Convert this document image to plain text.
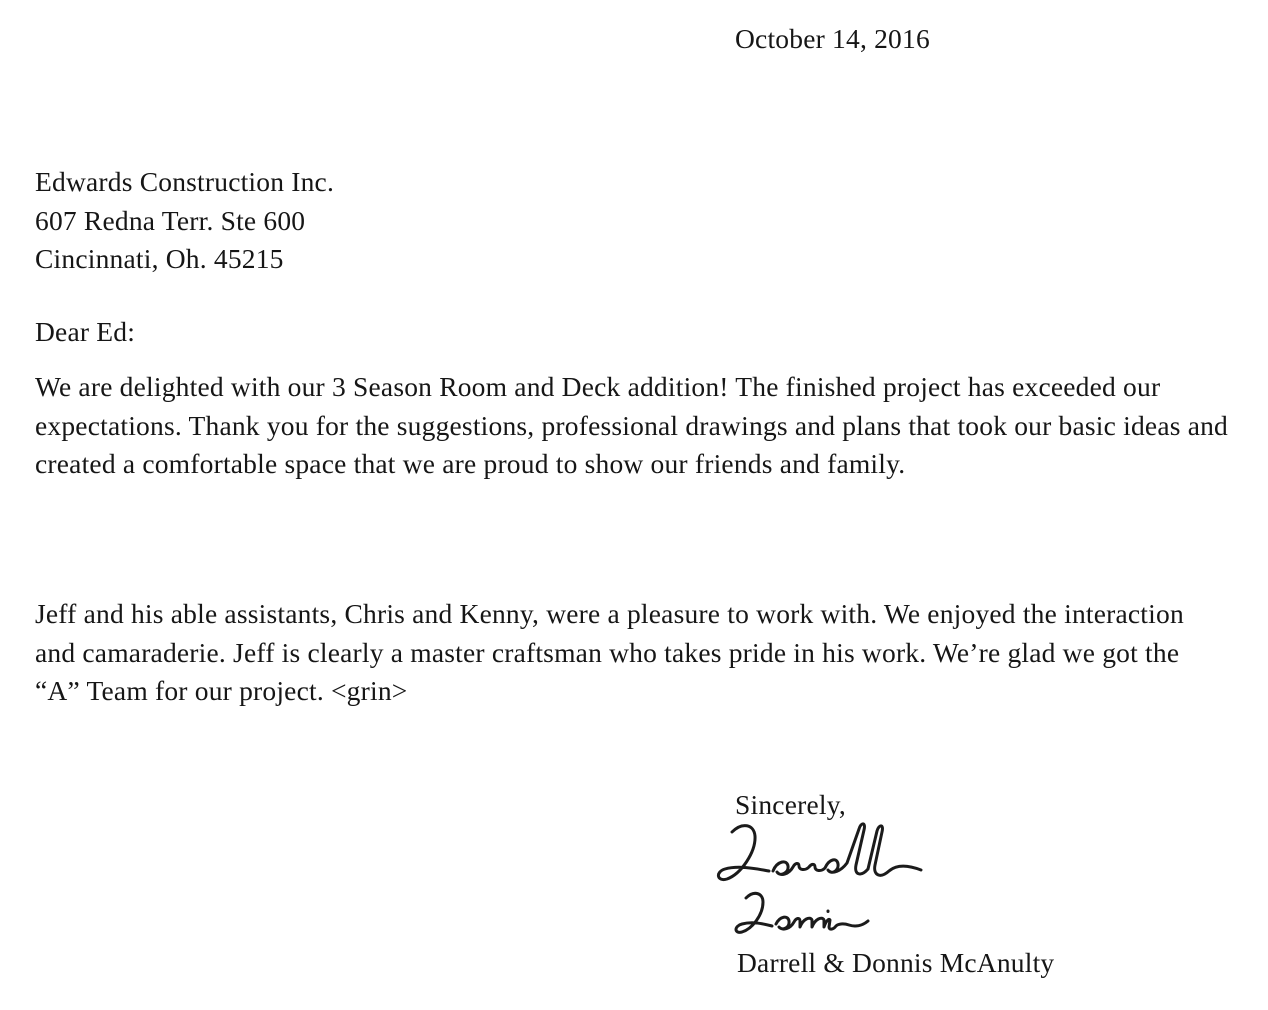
October 14, 2016
Edwards Construction Inc.
607 Redna Terr. Ste 600
Cincinnati, Oh. 45215
Dear Ed:

We are delighted with our 3 Season Room and Deck addition! The finished project has exceeded our expectations. Thank you for the suggestions, professional drawings and plans that took our basic ideas and created a comfortable space that we are proud to show our friends and family.

Jeff and his able assistants, Chris and Kenny, were a pleasure to work with. We enjoyed the interaction and camaraderie. Jeff is clearly a master craftsman who takes pride in his work. We’re glad we got the “A” Team for our project. <grin>

Sincerely,
Darrell & Donnis McAnulty
